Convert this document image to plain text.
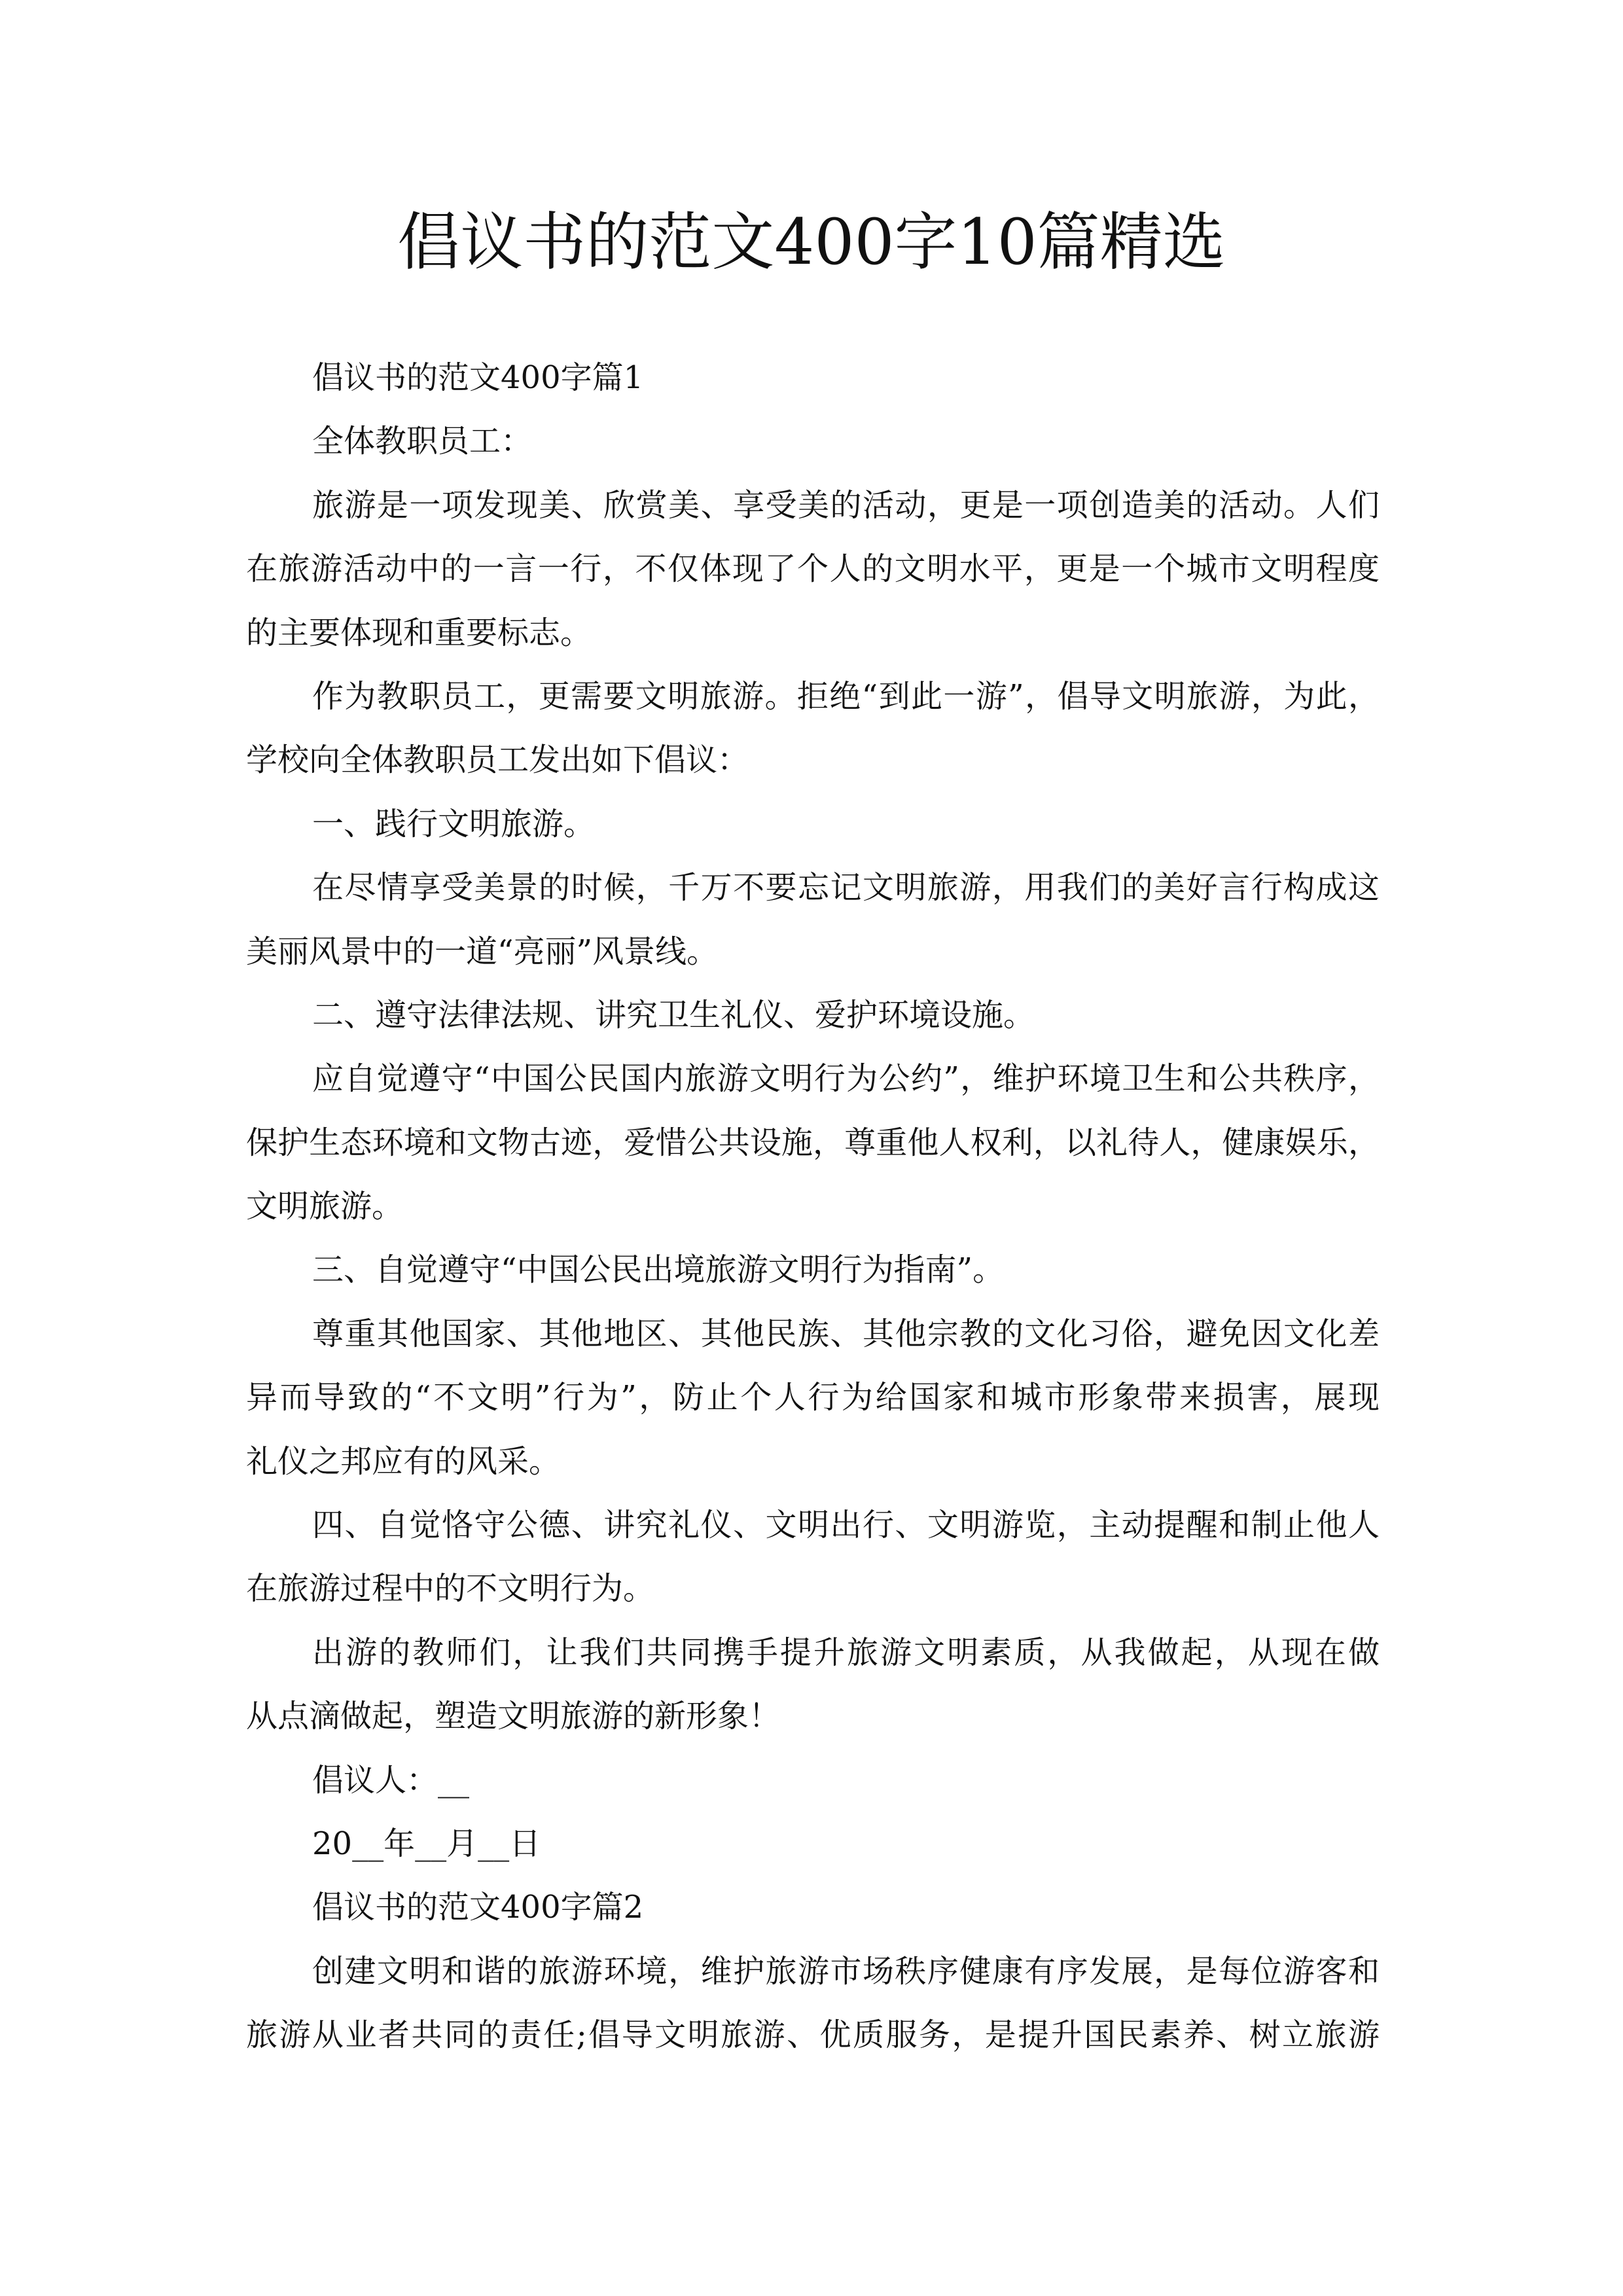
倡议书的范文400字10篇精选
倡议书的范文400字篇1
全体教职员工：
旅游是一项发现美、欣赏美、享受美的活动，更是一项创造美的活动。人们
在旅游活动中的一言一行，不仅体现了个人的文明水平，更是一个城市文明程度
的主要体现和重要标志。
作为教职员工，更需要文明旅游。拒绝“到此一游”，倡导文明旅游，为此，
学校向全体教职员工发出如下倡议：
一、践行文明旅游。
在尽情享受美景的时候，千万不要忘记文明旅游，用我们的美好言行构成这
美丽风景中的一道“亮丽”风景线。
二、遵守法律法规、讲究卫生礼仪、爱护环境设施。
应自觉遵守“中国公民国内旅游文明行为公约”，维护环境卫生和公共秩序，
保护生态环境和文物古迹，爱惜公共设施，尊重他人权利，以礼待人，健康娱乐，
文明旅游。
三、自觉遵守“中国公民出境旅游文明行为指南”。
尊重其他国家、其他地区、其他民族、其他宗教的文化习俗，避免因文化差
异而导致的“不文明”行为”，防止个人行为给国家和城市形象带来损害，展现
礼仪之邦应有的风采。
四、自觉恪守公德、讲究礼仪、文明出行、文明游览，主动提醒和制止他人
在旅游过程中的不文明行为。
出游的教师们，让我们共同携手提升旅游文明素质，从我做起，从现在做
从点滴做起，塑造文明旅游的新形象！
倡议人：__
20__年__月__日
倡议书的范文400字篇2
创建文明和谐的旅游环境，维护旅游市场秩序健康有序发展，是每位游客和
旅游从业者共同的责任;倡导文明旅游、优质服务，是提升国民素养、树立旅游
